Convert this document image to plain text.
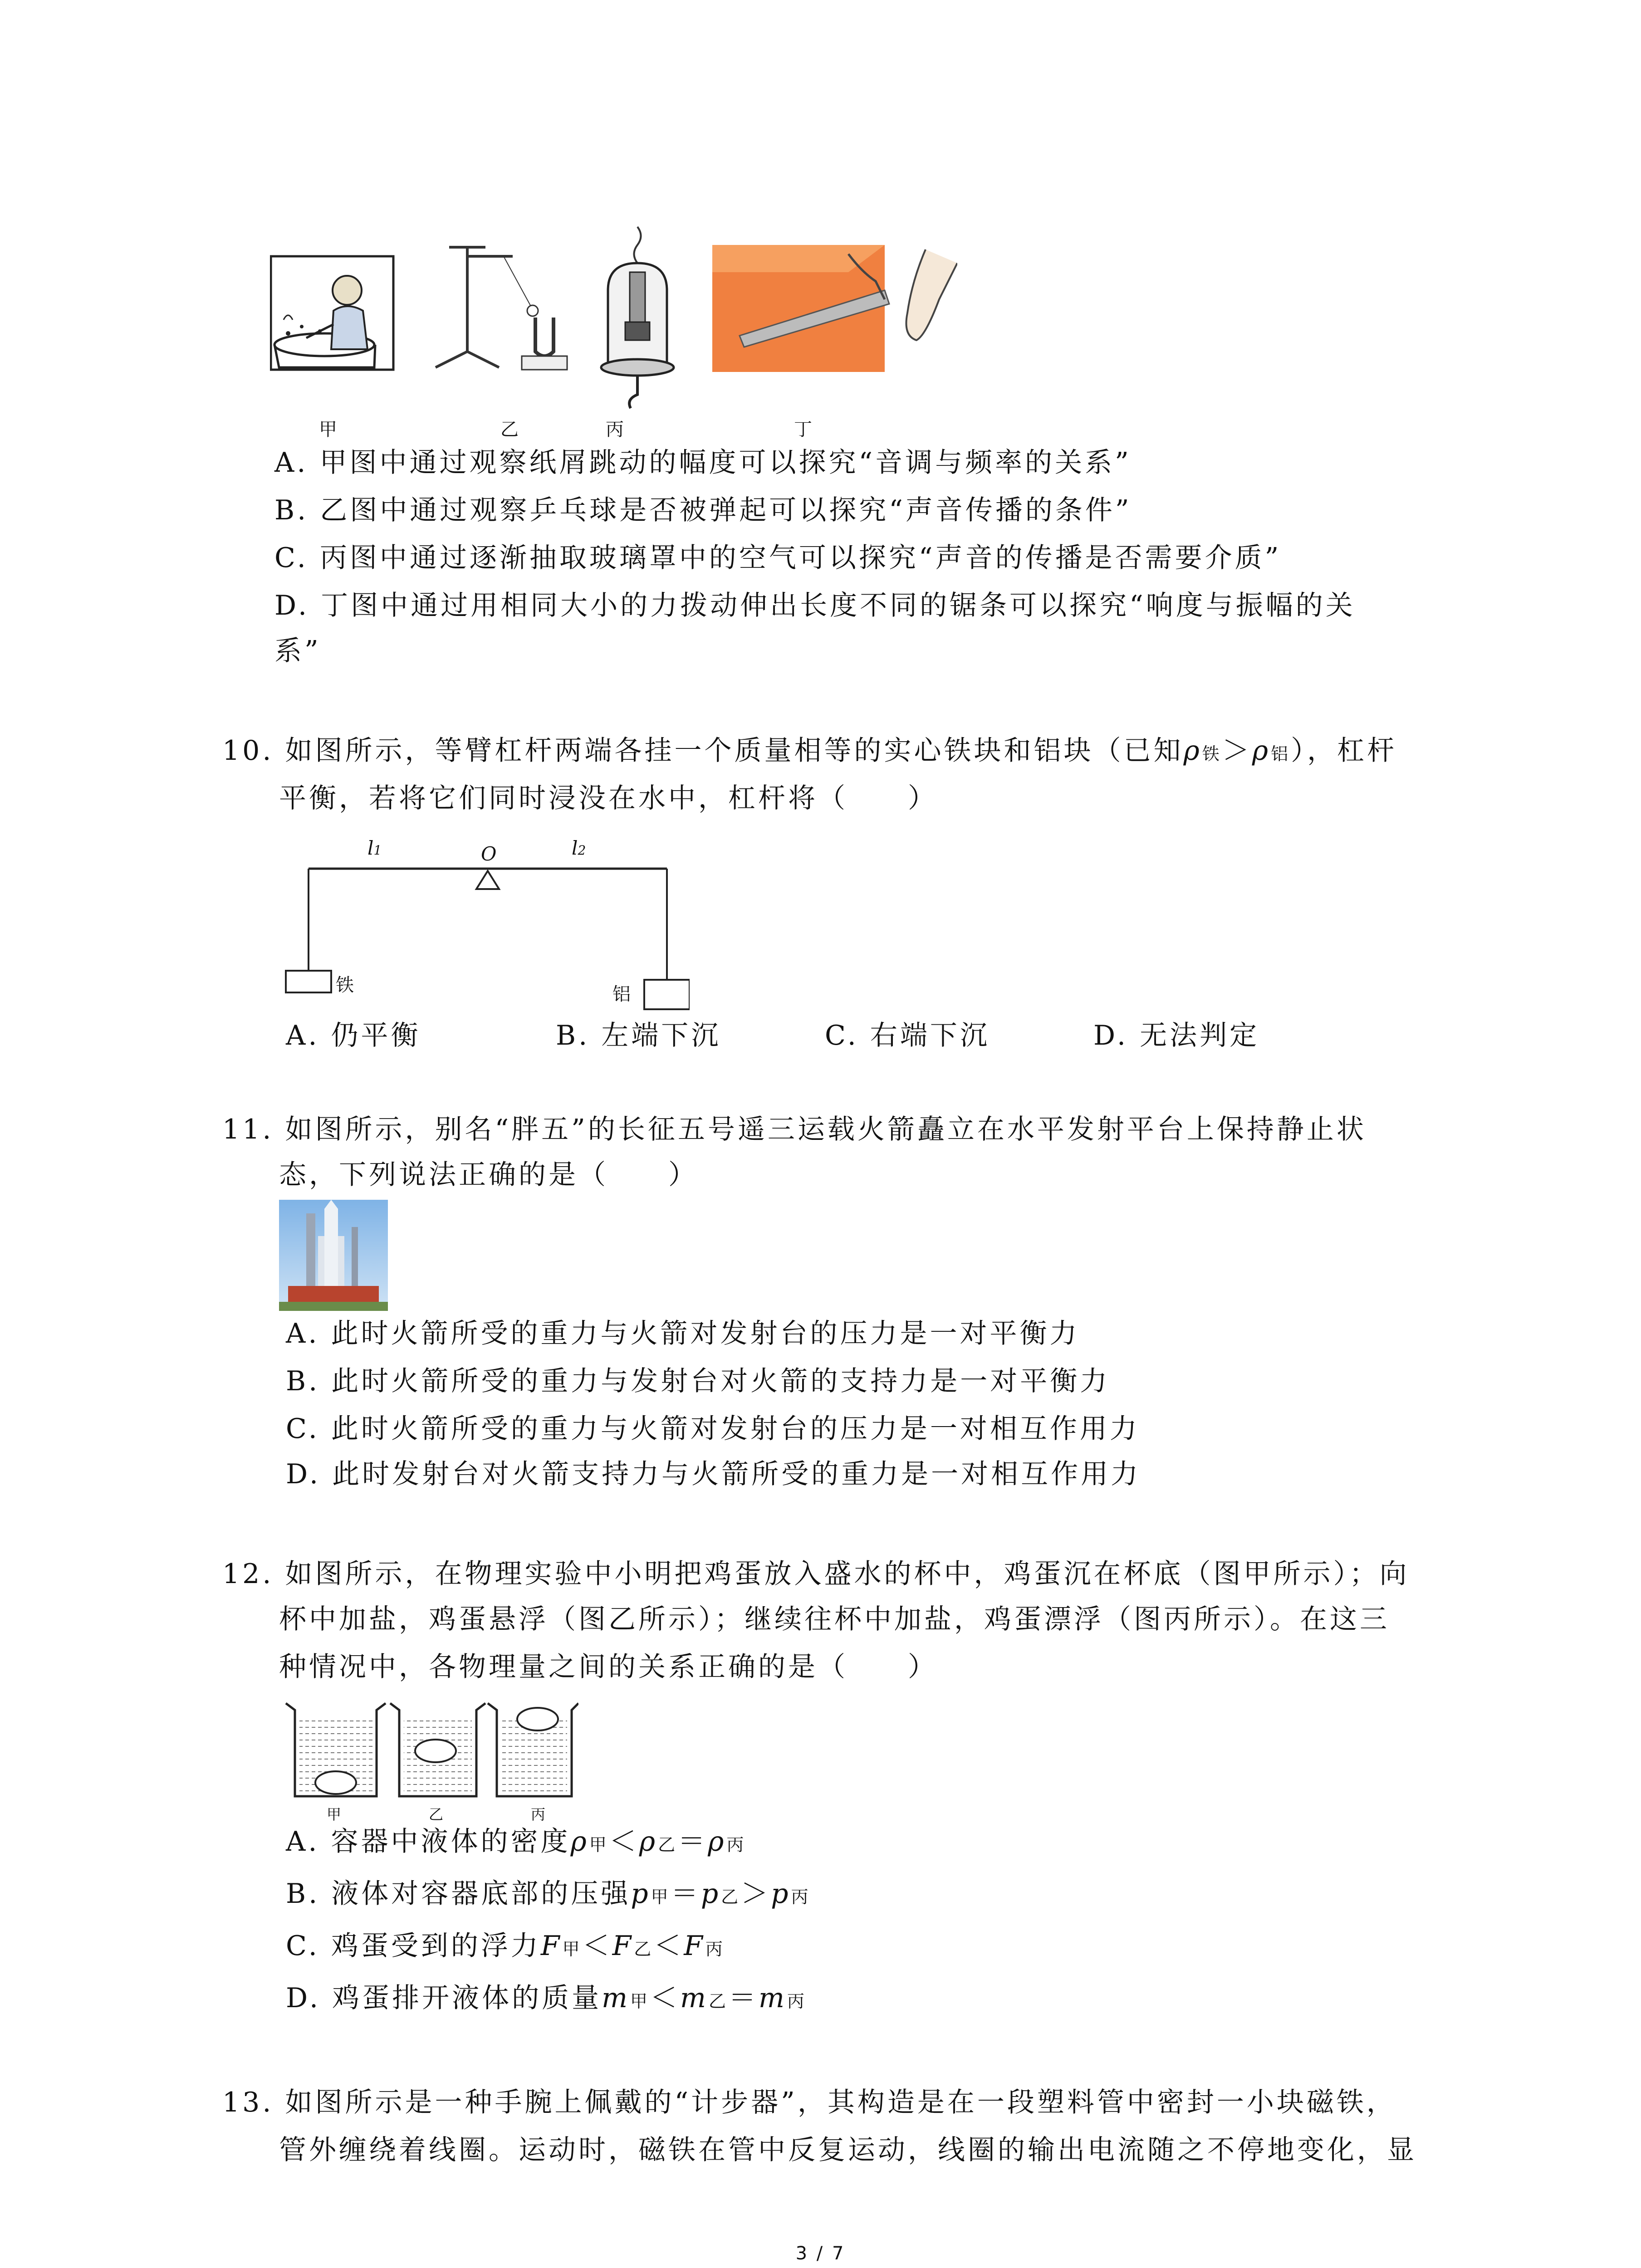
甲	乙	丙	丁
A. 甲图中通过观察纸屑跳动的幅度可以探究“音调与频率的关系”
B. 乙图中通过观察乒乓球是否被弹起可以探究“声音传播的条件”
C. 丙图中通过逐渐抽取玻璃罩中的空气可以探究“声音的传播是否需要介质”
D. 丁图中通过用相同大小的力拨动伸出长度不同的锯条可以探究“响度与振幅的关
系”
10. 如图所示，等臂杠杆两端各挂一个质量相等的实心铁块和铝块（已知ρ铁＞ρ铝），杠杆
平衡，若将它们同时浸没在水中，杠杆将（　　）
l1	O	l2
铁	铝
A. 仍平衡	B. 左端下沉	C. 右端下沉	D. 无法判定
11. 如图所示，别名“胖五”的长征五号遥三运载火箭矗立在水平发射平台上保持静止状
态，下列说法正确的是（　　）
A. 此时火箭所受的重力与火箭对发射台的压力是一对平衡力
B. 此时火箭所受的重力与发射台对火箭的支持力是一对平衡力
C. 此时火箭所受的重力与火箭对发射台的压力是一对相互作用力
D. 此时发射台对火箭支持力与火箭所受的重力是一对相互作用力
12. 如图所示，在物理实验中小明把鸡蛋放入盛水的杯中，鸡蛋沉在杯底（图甲所示）；向
杯中加盐，鸡蛋悬浮（图乙所示）；继续往杯中加盐，鸡蛋漂浮（图丙所示）。在这三
种情况中，各物理量之间的关系正确的是（　　）
甲	乙	丙
A. 容器中液体的密度ρ甲＜ρ乙＝ρ丙
B. 液体对容器底部的压强p甲＝p乙＞p丙
C. 鸡蛋受到的浮力F甲＜F乙＜F丙
D. 鸡蛋排开液体的质量m甲＜m乙＝m丙
13. 如图所示是一种手腕上佩戴的“计步器”，其构造是在一段塑料管中密封一小块磁铁，
管外缠绕着线圈。运动时，磁铁在管中反复运动，线圈的输出电流随之不停地变化，显
3 / 7
